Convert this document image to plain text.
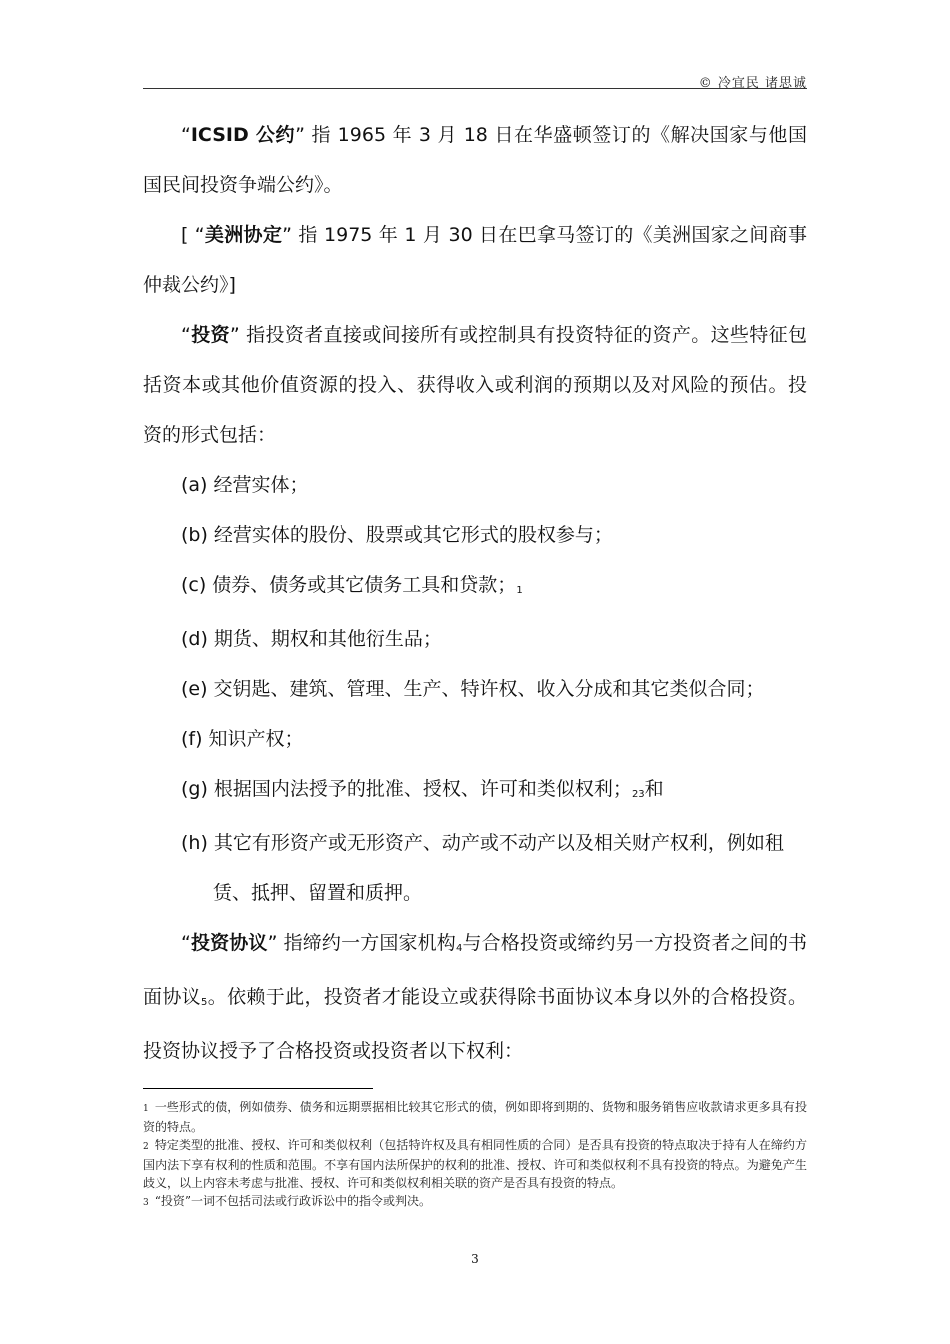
© 冷宜民 诸思诚

“ICSID 公约” 指 1965 年 3 月 18 日在华盛顿签订的《解决国家与他国国民间投资争端公约》。

[ “美洲协定” 指 1975 年 1 月 30 日在巴拿马签订的《美洲国家之间商事仲裁公约》]

“投资” 指投资者直接或间接所有或控制具有投资特征的资产。这些特征包括资本或其他价值资源的投入、获得收入或利润的预期以及对风险的预估。投资的形式包括：

(a) 经营实体；

(b) 经营实体的股份、股票或其它形式的股权参与；

(c) 债券、债务或其它债务工具和贷款；$^1$

(d) 期货、期权和其他衍生品；

(e) 交钥匙、建筑、管理、生产、特许权、收入分成和其它类似合同；

(f) 知识产权；

(g) 根据国内法授予的批准、授权、许可和类似权利；$^{23}$和

(h) 其它有形资产或无形资产、动产或不动产以及相关财产权利，例如租赁、抵押、留置和质押。

“投资协议” 指缔约一方国家机构$^4$与合格投资或缔约另一方投资者之间的书面协议$^5$。依赖于此，投资者才能设立或获得除书面协议本身以外的合格投资。投资协议授予了合格投资或投资者以下权利：

1 一些形式的债，例如债券、债务和远期票据相比较其它形式的债，例如即将到期的、货物和服务销售应收款请求更多具有投资的特点。

2 特定类型的批准、授权、许可和类似权利（包括特许权及具有相同性质的合同）是否具有投资的特点取决于持有人在缔约方国内法下享有权利的性质和范围。不享有国内法所保护的权利的批准、授权、许可和类似权利不具有投资的特点。为避免产生歧义，以上内容未考虑与批准、授权、许可和类似权利相关联的资产是否具有投资的特点。

3 “投资”一词不包括司法或行政诉讼中的指令或判决。

3
